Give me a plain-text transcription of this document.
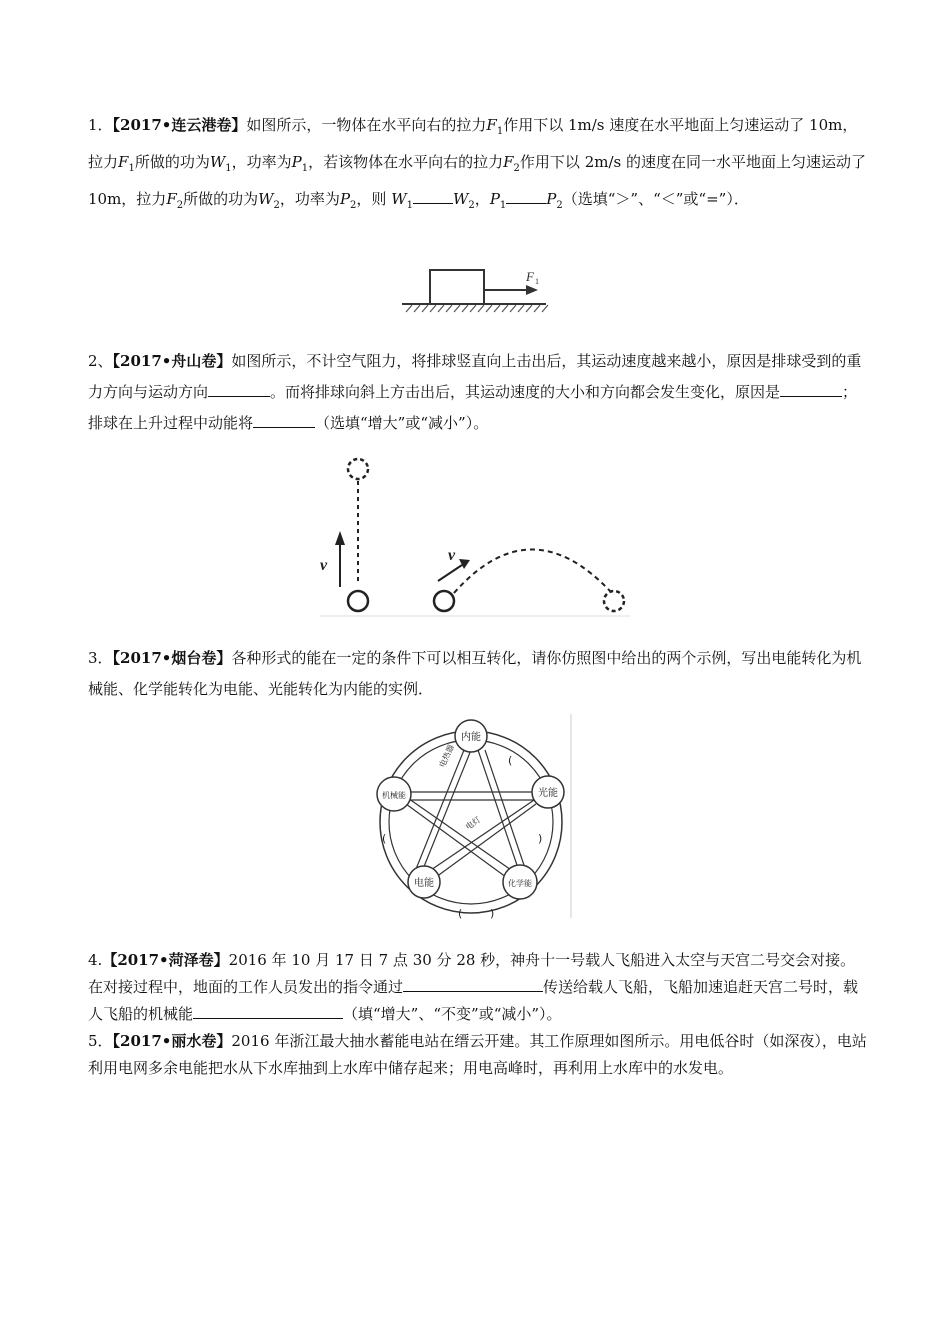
1．【2017•连云港卷】如图所示，一物体在水平向右的拉力$F_1$作用下以 1m/s 速度在水平地面上匀速运动了 10m，拉力$F_1$所做的功为$W_1$，功率为$P_1$，若该物体在水平向右的拉力$F_2$作用下以 2m/s 的速度在同一水平地面上匀速运动了 10m，拉力$F_2$所做的功为$W_2$，功率为$P_2$，则 $W_1$	$W_2$，$P_1$	$P_2$（选填“＞”、“＜”或“=”）．
F 1
2、【2017•舟山卷】如图所示，不计空气阻力，将排球竖直向上击出后，其运动速度越来越小，原因是排球受到的重力方向与运动方向	。而将排球向斜上方击出后，其运动速度的大小和方向都会发生变化，原因是	；排球在上升过程中动能将	（选填“增大”或“减小”）。
v
v
3．【2017•烟台卷】各种形式的能在一定的条件下可以相互转化，请你仿照图中给出的两个示例，写出电能转化为机械能、化学能转化为电能、光能转化为内能的实例．
内能
光能
机械能
电能	化学能
电热器
电灯
(
)
(
(	)
4.【2017•菏泽卷】2016 年 10 月 17 日 7 点 30 分 28 秒，神舟十一号载人飞船进入太空与天宫二号交会对接。在对接过程中，地面的工作人员发出的指令通过	传送给载人飞船，飞船加速追赶天宫二号时，载人飞船的机械能	（填“增大”、“不变”或“减小”）。
5．【2017•丽水卷】2016 年浙江最大抽水蓄能电站在缙云开建。其工作原理如图所示。用电低谷时（如深夜），电站利用电网多余电能把水从下水库抽到上水库中储存起来；用电高峰时，再利用上水库中的水发电。
